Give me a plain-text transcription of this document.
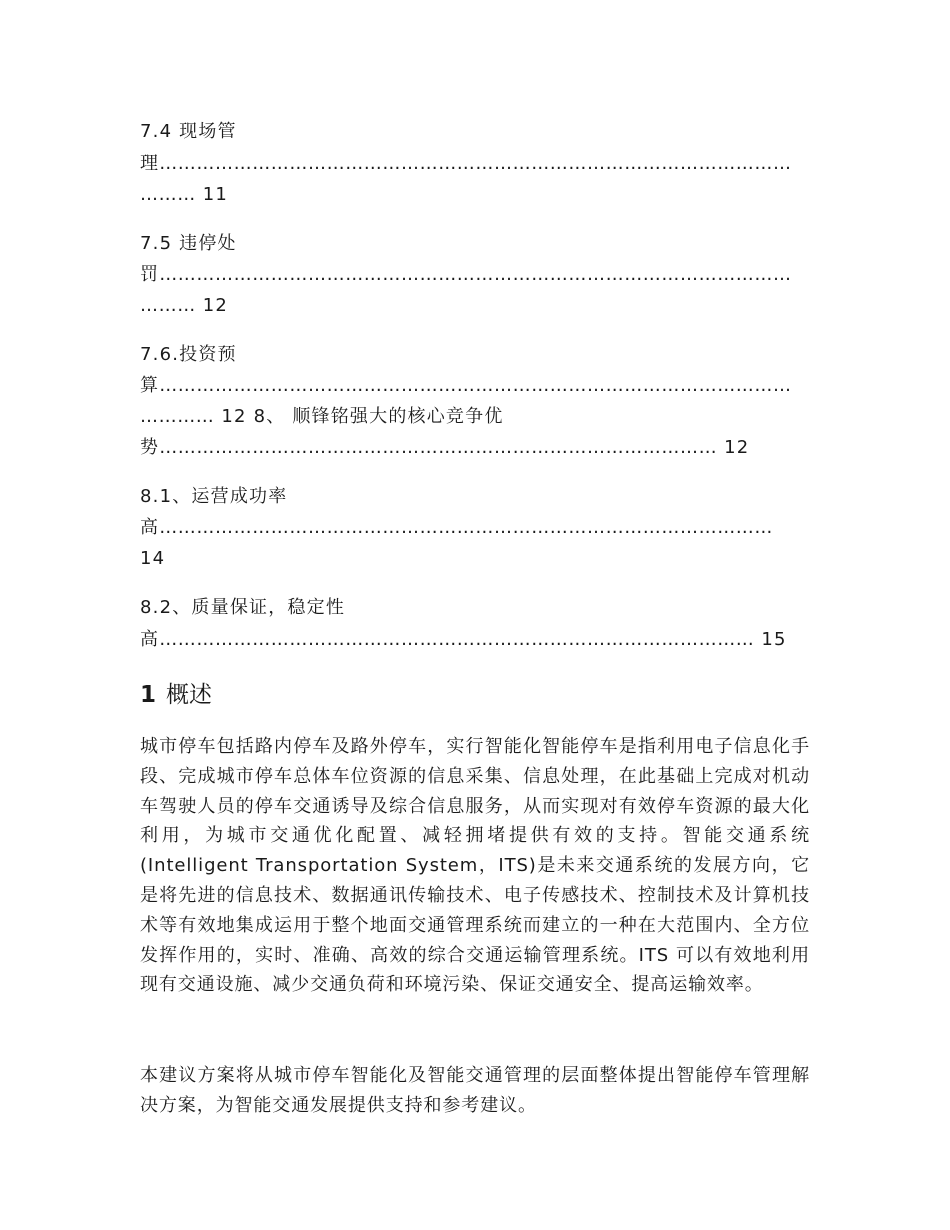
7.4 现场管
理…………………………………………………………………………………………
……… 11
7.5 违停处
罚…………………………………………………………………………………………
……… 12
7.6.投资预
算…………………………………………………………………………………………
………… 12 8、 顺锋铭强大的核心竞争优
势……………………………………………………………………………… 12
8.1、运营成功率
高………………………………………………………………………………………
14
8.2、质量保证，稳定性
高…………………………………………………………………………………… 15
1 概述

城市停车包括路内停车及路外停车，实行智能化智能停车是指利用电子信息化手段、完成城市停车总体车位资源的信息采集、信息处理，在此基础上完成对机动车驾驶人员的停车交通诱导及综合信息服务，从而实现对有效停车资源的最大化利用，为城市交通优化配置、减轻拥堵提供有效的支持。智能交通系统(Intelligent Transportation System，ITS)是未来交通系统的发展方向，它是将先进的信息技术、数据通讯传输技术、电子传感技术、控制技术及计算机技术等有效地集成运用于整个地面交通管理系统而建立的一种在大范围内、全方位发挥作用的，实时、准确、高效的综合交通运输管理系统。ITS 可以有效地利用现有交通设施、减少交通负荷和环境污染、保证交通安全、提高运输效率。

本建议方案将从城市停车智能化及智能交通管理的层面整体提出智能停车管理解决方案，为智能交通发展提供支持和参考建议。
